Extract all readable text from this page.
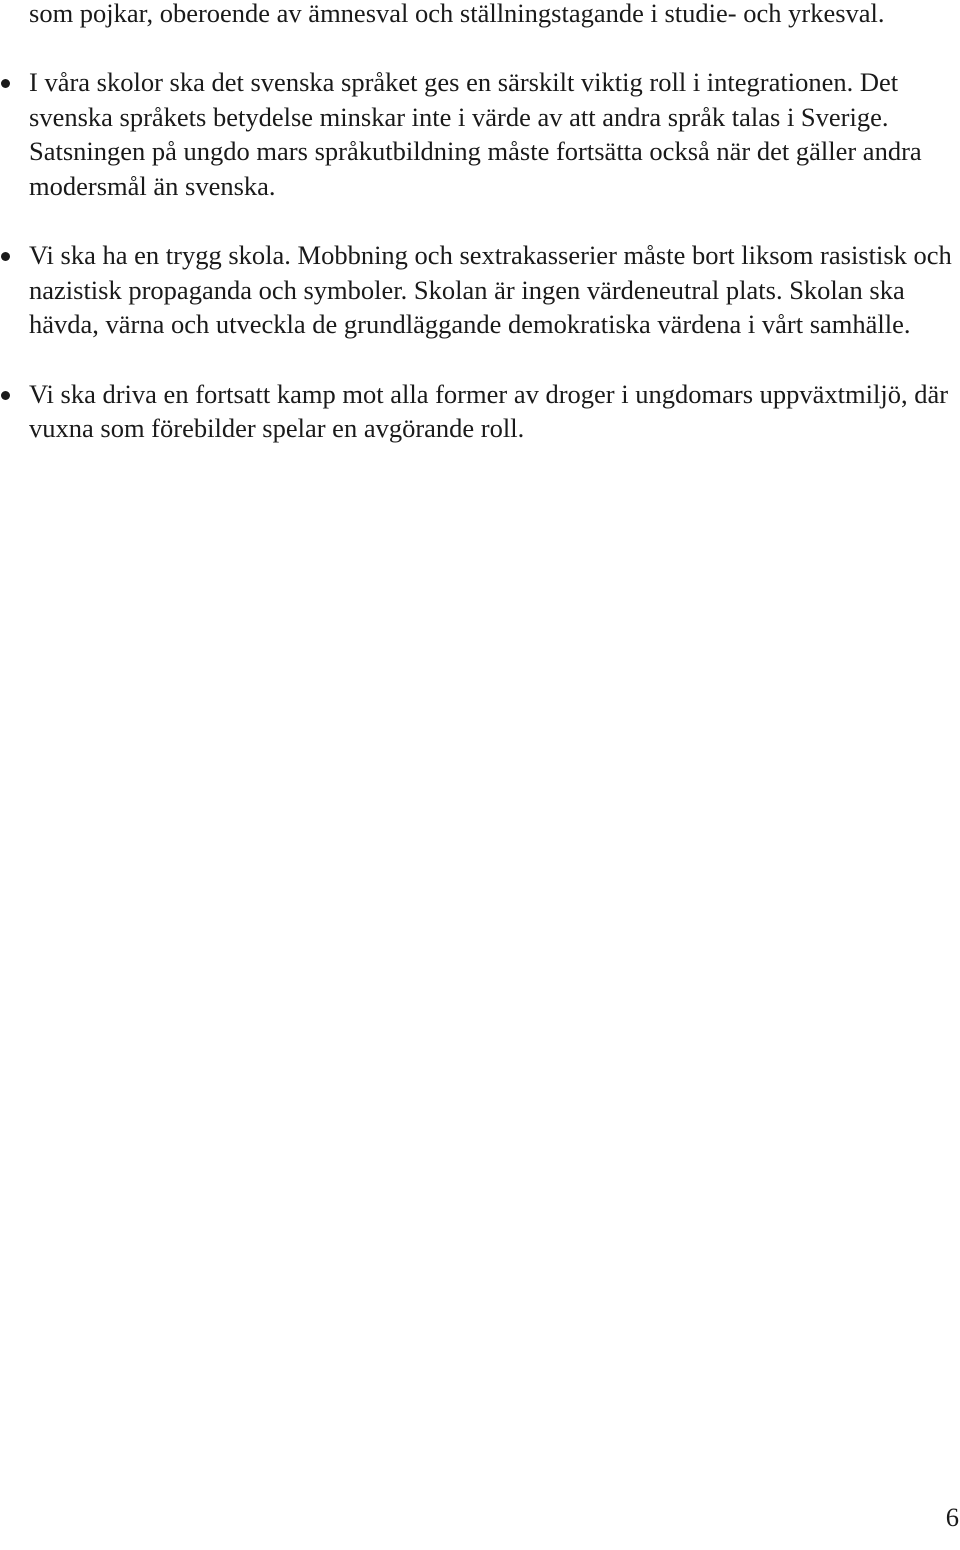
som pojkar, oberoende av ämnesval och ställningstagande i studie- och yrkesval.

I våra skolor ska det svenska språket ges en särskilt viktig roll i integrationen. Det svenska språkets betydelse minskar inte i värde av att andra språk talas i Sverige. Satsningen på ungdo mars språkutbildning måste fortsätta också när det gäller andra modersmål än svenska.
Vi ska ha en trygg skola. Mobbning och sextrakasserier måste bort liksom rasistisk och nazistisk propaganda och symboler. Skolan är ingen värdeneutral plats. Skolan ska hävda, värna och utveckla de grundläggande demokratiska värdena i vårt samhälle.
Vi ska driva en fortsatt kamp mot alla former av droger i ungdomars uppväxtmiljö, där vuxna som förebilder spelar en avgörande roll.
6
